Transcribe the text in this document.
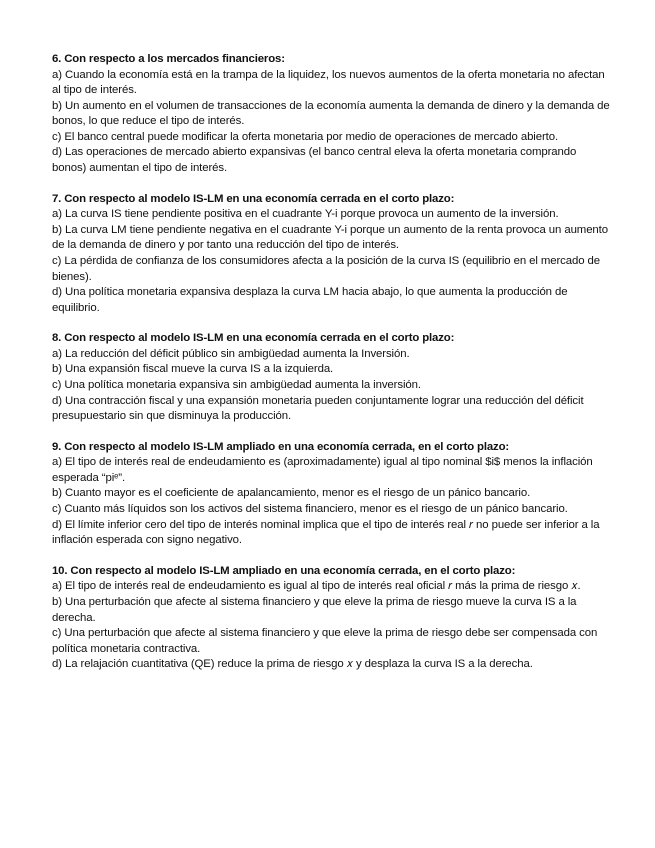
6. Con respecto a los mercados financieros:

a) Cuando la economía está en la trampa de la liquidez, los nuevos aumentos de la oferta monetaria no afectan al tipo de interés.

b) Un aumento en el volumen de transacciones de la economía aumenta la demanda de dinero y la demanda de bonos, lo que reduce el tipo de interés.

c) El banco central puede modificar la oferta monetaria por medio de operaciones de mercado abierto.

d) Las operaciones de mercado abierto expansivas (el banco central eleva la oferta monetaria comprando bonos) aumentan el tipo de interés.

7. Con respecto al modelo IS-LM en una economía cerrada en el corto plazo:

a) La curva IS tiene pendiente positiva en el cuadrante Y-i porque provoca un aumento de la inversión.

b) La curva LM tiene pendiente negativa en el cuadrante Y-i porque un aumento de la renta provoca un aumento de la demanda de dinero y por tanto una reducción del tipo de interés.

c) La pérdida de confianza de los consumidores afecta a la posición de la curva IS (equilibrio en el mercado de bienes).

d) Una política monetaria expansiva desplaza la curva LM hacia abajo, lo que aumenta la producción de equilibrio.

8. Con respecto al modelo IS-LM en una economía cerrada en el corto plazo:

a) La reducción del déficit público sin ambigüedad aumenta la Inversión.

b) Una expansión fiscal mueve la curva IS a la izquierda.

c) Una política monetaria expansiva sin ambigüedad aumenta la inversión.

d) Una contracción fiscal y una expansión monetaria pueden conjuntamente lograr una reducción del déficit presupuestario sin que disminuya la producción.

9. Con respecto al modelo IS-LM ampliado en una economía cerrada, en el corto plazo:

a) El tipo de interés real de endeudamiento es (aproximadamente) igual al tipo nominal $i$ menos la inflación esperada “piᵉ”.

b) Cuanto mayor es el coeficiente de apalancamiento, menor es el riesgo de un pánico bancario.

c) Cuanto más líquidos son los activos del sistema financiero, menor es el riesgo de un pánico bancario.

d) El límite inferior cero del tipo de interés nominal implica que el tipo de interés real 𝑟 no puede ser inferior a la inflación esperada con signo negativo.

10. Con respecto al modelo IS-LM ampliado en una economía cerrada, en el corto plazo:

a) El tipo de interés real de endeudamiento es igual al tipo de interés real oficial 𝑟 más la prima de riesgo 𝑥.

b) Una perturbación que afecte al sistema financiero y que eleve la prima de riesgo mueve la curva IS a la derecha.

c) Una perturbación que afecte al sistema financiero y que eleve la prima de riesgo debe ser compensada con política monetaria contractiva.

d) La relajación cuantitativa (QE) reduce la prima de riesgo 𝑥 y desplaza la curva IS a la derecha.
